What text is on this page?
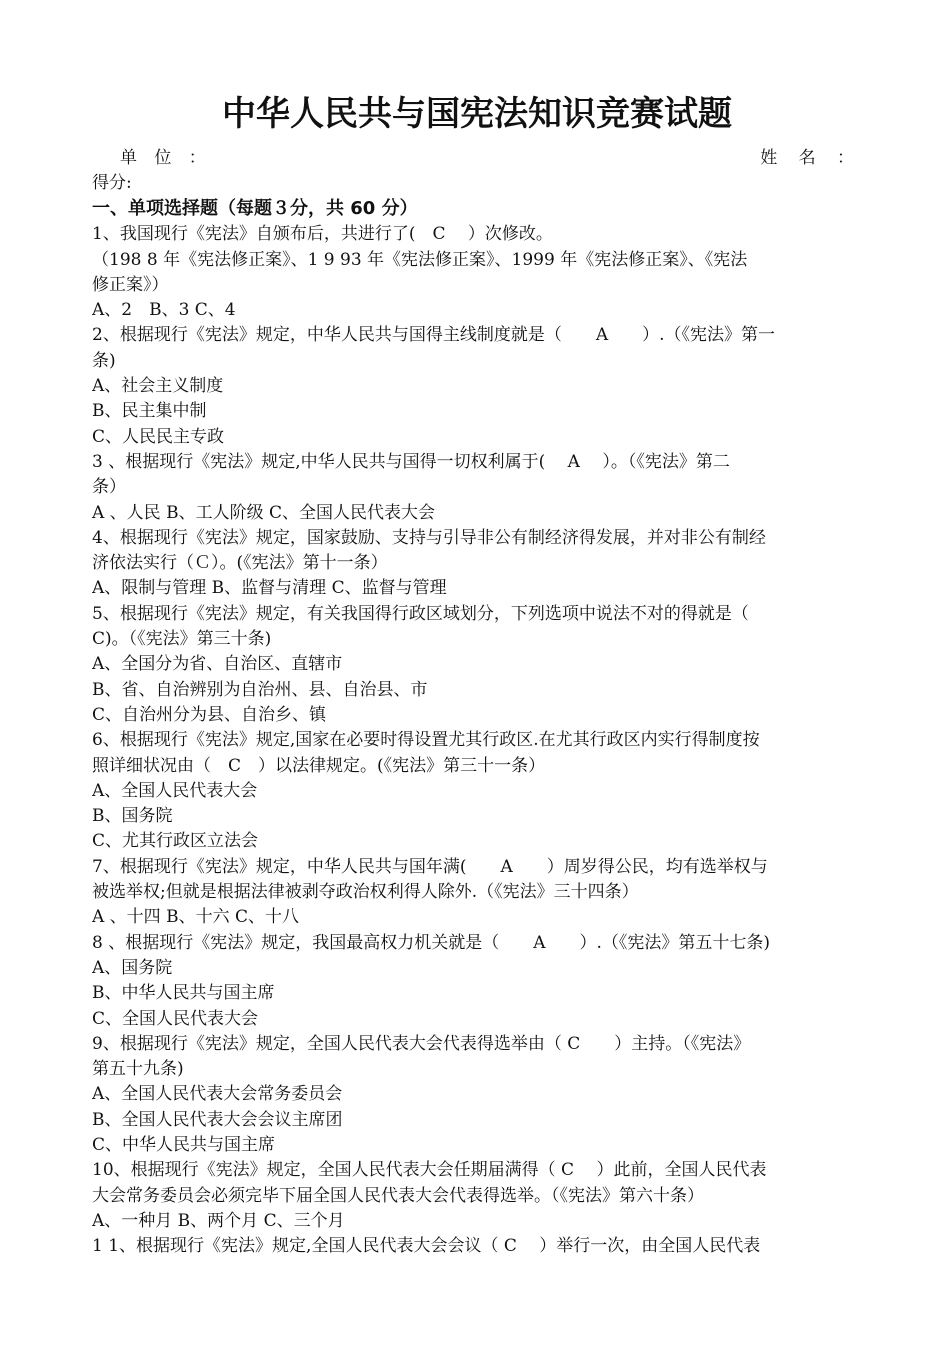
中华人民共与国宪法知识竞赛试题
单 位 ：	姓 名 ：
得分:
一、单项选择题（每题３分，共 60 分）
1、我国现行《宪法》自颁布后，共进行了(　C　 ）次修改。
（198 8 年《宪法修正案》、1 9 93 年《宪法修正案》、1999 年《宪法修正案》、《宪法
修正案》）
A、2　B、3 C、4
2、根据现行《宪法》规定，中华人民共与国得主线制度就是（　　A　　）.（《宪法》第一
条)
A、社会主义制度
B、民主集中制
C、人民民主专政
3 、根据现行《宪法》规定,中华人民共与国得一切权利属于(　 A　 ）。（《宪法》第二
条）
A 、人民 B、工人阶级 C、全国人民代表大会
4、根据现行《宪法》规定，国家鼓励、支持与引导非公有制经济得发展，并对非公有制经
济依法实行（Ｃ）。(《宪法》第十一条）
A、限制与管理 B、监督与清理 C、监督与管理
5、根据现行《宪法》规定，有关我国得行政区域划分，下列选项中说法不对的得就是（
C)。（《宪法》第三十条)
A、全国分为省、自治区、直辖市
B、省、自治辨别为自治州、县、自治县、市
C、自治州分为县、自治乡、镇
6、根据现行《宪法》规定,国家在必要时得设置尤其行政区.在尤其行政区内实行得制度按
照详细状况由（　C　）以法律规定。(《宪法》第三十一条）
A、全国人民代表大会
B、国务院
C、尤其行政区立法会
7、根据现行《宪法》规定，中华人民共与国年满(　　A　　）周岁得公民，均有选举权与
被选举权;但就是根据法律被剥夺政治权利得人除外.（《宪法》三十四条）
A 、十四 B、十六 C、十八
8 、根据现行《宪法》规定，我国最高权力机关就是（　　A　　）.（《宪法》第五十七条)
A、国务院
B、中华人民共与国主席
C、全国人民代表大会
9、根据现行《宪法》规定，全国人民代表大会代表得选举由（ C　　）主持。（《宪法》
第五十九条)
A、全国人民代表大会常务委员会
B、全国人民代表大会会议主席团
C、中华人民共与国主席
10、根据现行《宪法》规定，全国人民代表大会任期届满得（ C　 ）此前，全国人民代表
大会常务委员会必须完毕下届全国人民代表大会代表得选举。（《宪法》第六十条）
A、一种月 B、两个月 C、三个月
1 1、根据现行《宪法》规定,全国人民代表大会会议（ C　 ）举行一次，由全国人民代表
